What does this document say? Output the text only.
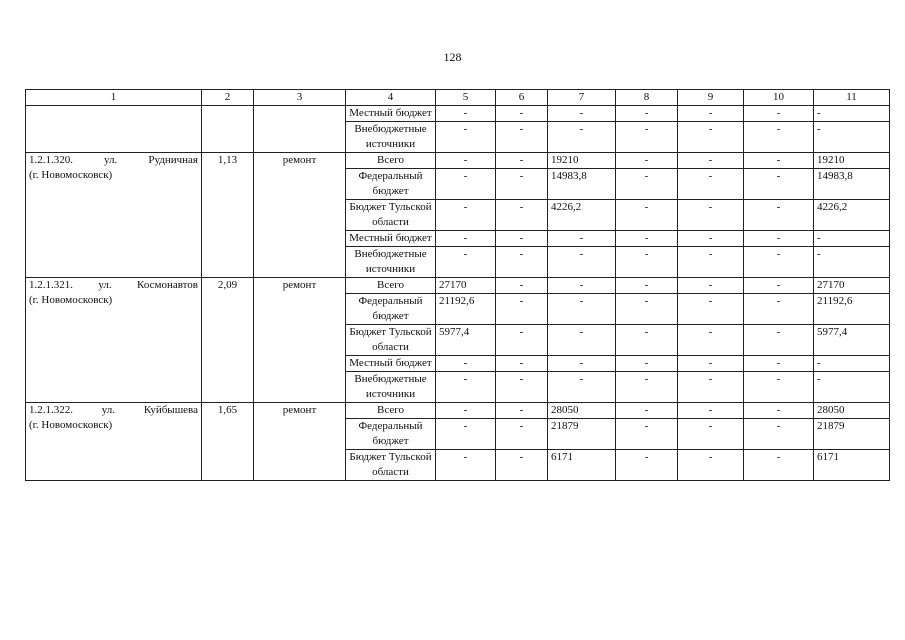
128
1	2	3	4	5	6	7	8	9	10	11
			Местный бюджет	-	-	-	-	-	-	-
			Внебюджетные источники	-	-	-	-	-	-	-

1.2.1.320. ул. Рудничная
(г. Новомосковск)	1,13	ремонт	Всего	-	-	19210	-	-	-	19210
			Федеральный бюджет	-	-	14983,8	-	-	-	14983,8
			Бюджет Тульской области	-	-	4226,2	-	-	-	4226,2
			Местный бюджет	-	-	-	-	-	-	-
			Внебюджетные источники	-	-	-	-	-	-	-

1.2.1.321. ул. Космонавтов
(г. Новомосковск)	2,09	ремонт	Всего	27170	-	-	-	-	-	27170
			Федеральный бюджет	21192,6	-	-	-	-	-	21192,6
			Бюджет Тульской области	5977,4	-	-	-	-	-	5977,4
			Местный бюджет	-	-	-	-	-	-	-
			Внебюджетные источники	-	-	-	-	-	-	-

1.2.1.322. ул. Куйбышева
(г. Новомосковск)	1,65	ремонт	Всего	-	-	28050	-	-	-	28050
			Федеральный бюджет	-	-	21879	-	-	-	21879
			Бюджет Тульской области	-	-	6171	-	-	-	6171
